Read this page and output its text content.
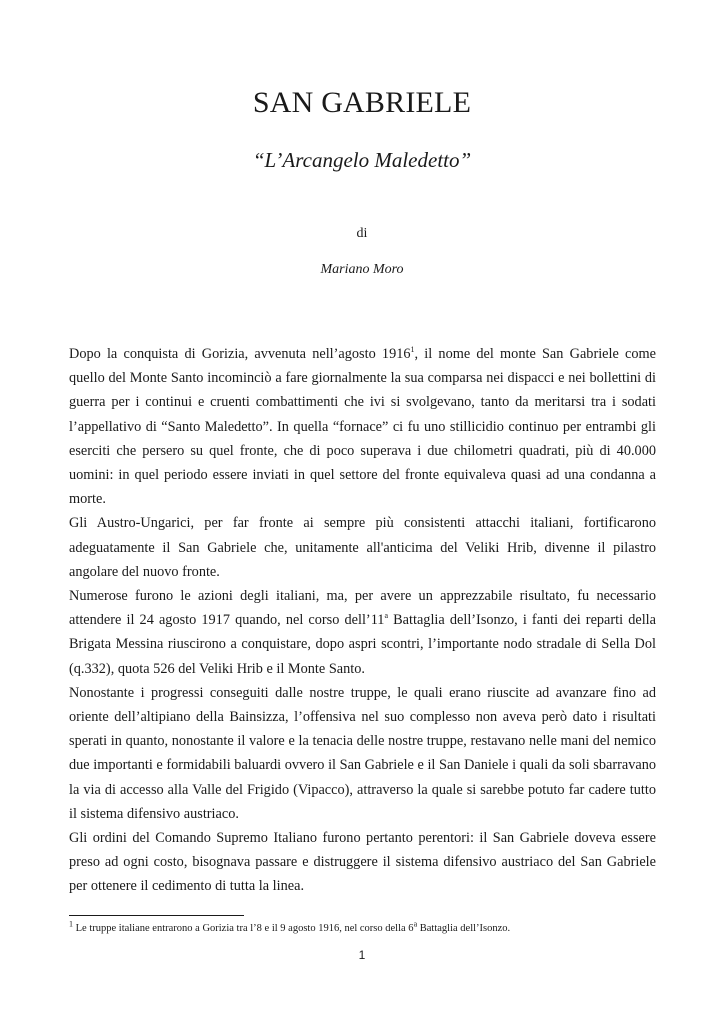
SAN GABRIELE
“L’Arcangelo Maledetto”
di
Mariano Moro

Dopo la conquista di Gorizia, avvenuta nell’agosto 1916$^1$, il nome del monte San Gabriele come quello del Monte Santo incominciò a fare giornalmente la sua comparsa nei dispacci e nei bollettini di guerra per i continui e cruenti combattimenti che ivi si svolgevano, tanto da meritarsi tra i sodati l’appellativo di “Santo Maledetto”. In quella “fornace” ci fu uno stillicidio continuo per entrambi gli eserciti che persero su quel fronte, che di poco superava i due chilometri quadrati, più di 40.000 uomini: in quel periodo essere inviati in quel settore del fronte equivaleva quasi ad una condanna a morte.

Gli Austro-Ungarici, per far fronte ai sempre più consistenti attacchi italiani, fortificarono adeguatamente il San Gabriele che, unitamente all'anticima del Veliki Hrib, divenne il pilastro angolare del nuovo fronte.

Numerose furono le azioni degli italiani, ma, per avere un apprezzabile risultato, fu necessario attendere il 24 agosto 1917 quando, nel corso dell’11$^a$ Battaglia dell’Isonzo, i fanti dei reparti della Brigata Messina riuscirono a conquistare, dopo aspri scontri, l’importante nodo stradale di Sella Dol (q.332), quota 526 del Veliki Hrib e il Monte Santo.

Nonostante i progressi conseguiti dalle nostre truppe, le quali erano riuscite ad avanzare fino ad oriente dell’altipiano della Bainsizza, l’offensiva nel suo complesso non aveva però dato i risultati sperati in quanto, nonostante il valore e la tenacia delle nostre truppe, restavano nelle mani del nemico due importanti e formidabili baluardi ovvero il San Gabriele e il San Daniele i quali da soli sbarravano la via di accesso alla Valle del Frigido (Vipacco), attraverso la quale si sarebbe potuto far cadere tutto il sistema difensivo austriaco.

Gli ordini del Comando Supremo Italiano furono pertanto perentori: il San Gabriele doveva essere preso ad ogni costo, bisognava passare e distruggere il sistema difensivo austriaco del San Gabriele per ottenere il cedimento di tutta la linea.

$^1$ Le truppe italiane entrarono a Gorizia tra l’8 e il 9 agosto 1916, nel corso della 6$^a$ Battaglia dell’Isonzo.
1
